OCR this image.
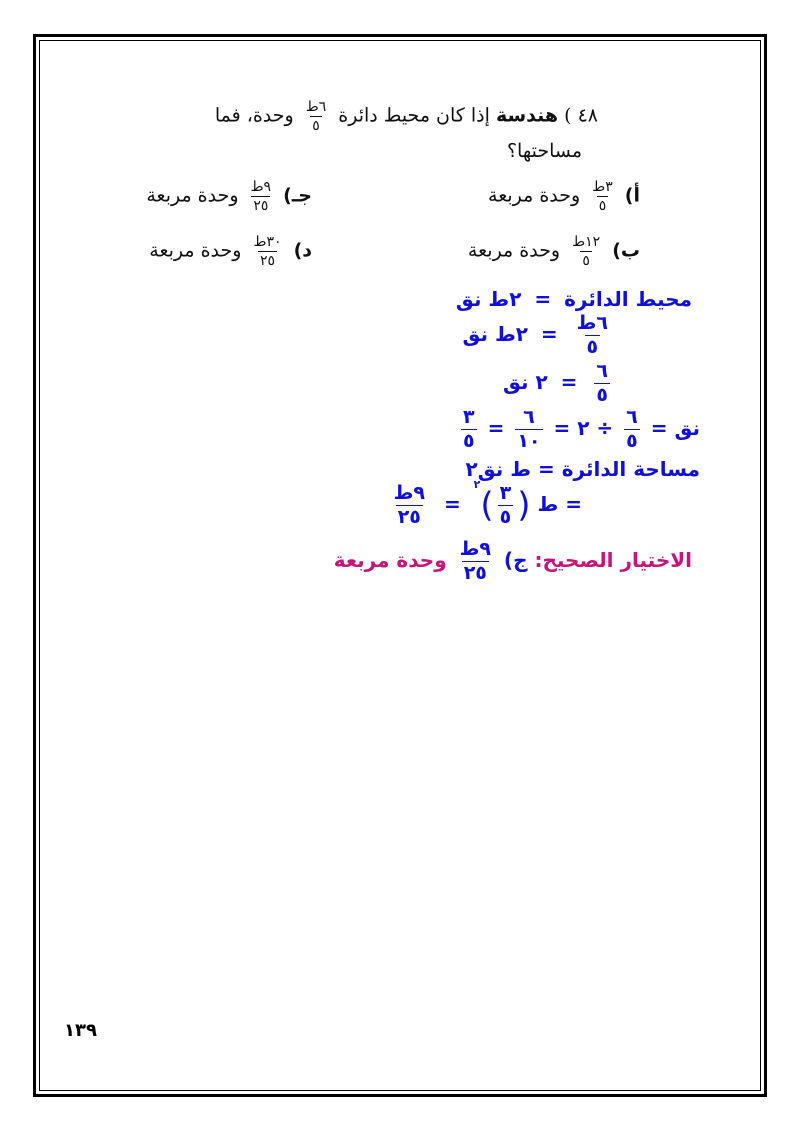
٤٨ ) هندسة إذا كان محيط دائرة
$\frac{\text{٦ط}}{٥}$
وحدة، فما
مساحتها؟
أ)
$\frac{\text{٣ط}}{٥}$
وحدة مربعة
جـ)
$\frac{\text{٩ط}}{٢٥}$
وحدة مربعة
ب)
$\frac{\text{١٢ط}}{٥}$
وحدة مربعة
د)
$\frac{\text{٣٠ط}}{٢٥}$
وحدة مربعة
محيط الدائرة = ٢ط نق
$\frac{\text{٦ط}}{٥}$
= ٢ط نق
$\frac{٦}{٥}$
= ٢ نق
نق =
$\frac{٦}{٥}$
÷ ٢ =
$\frac{٦}{١٠}$
=
$\frac{٣}{٥}$
مساحة الدائرة = ط نق٢
= ط (
$\frac{٣}{٥}$
)$^٢$ =
$\frac{\text{٩ط}}{٢٥}$
الاختيار الصحيح: ج)
$\frac{\text{٩ط}}{٢٥}$
وحدة مربعة
١٣٩
